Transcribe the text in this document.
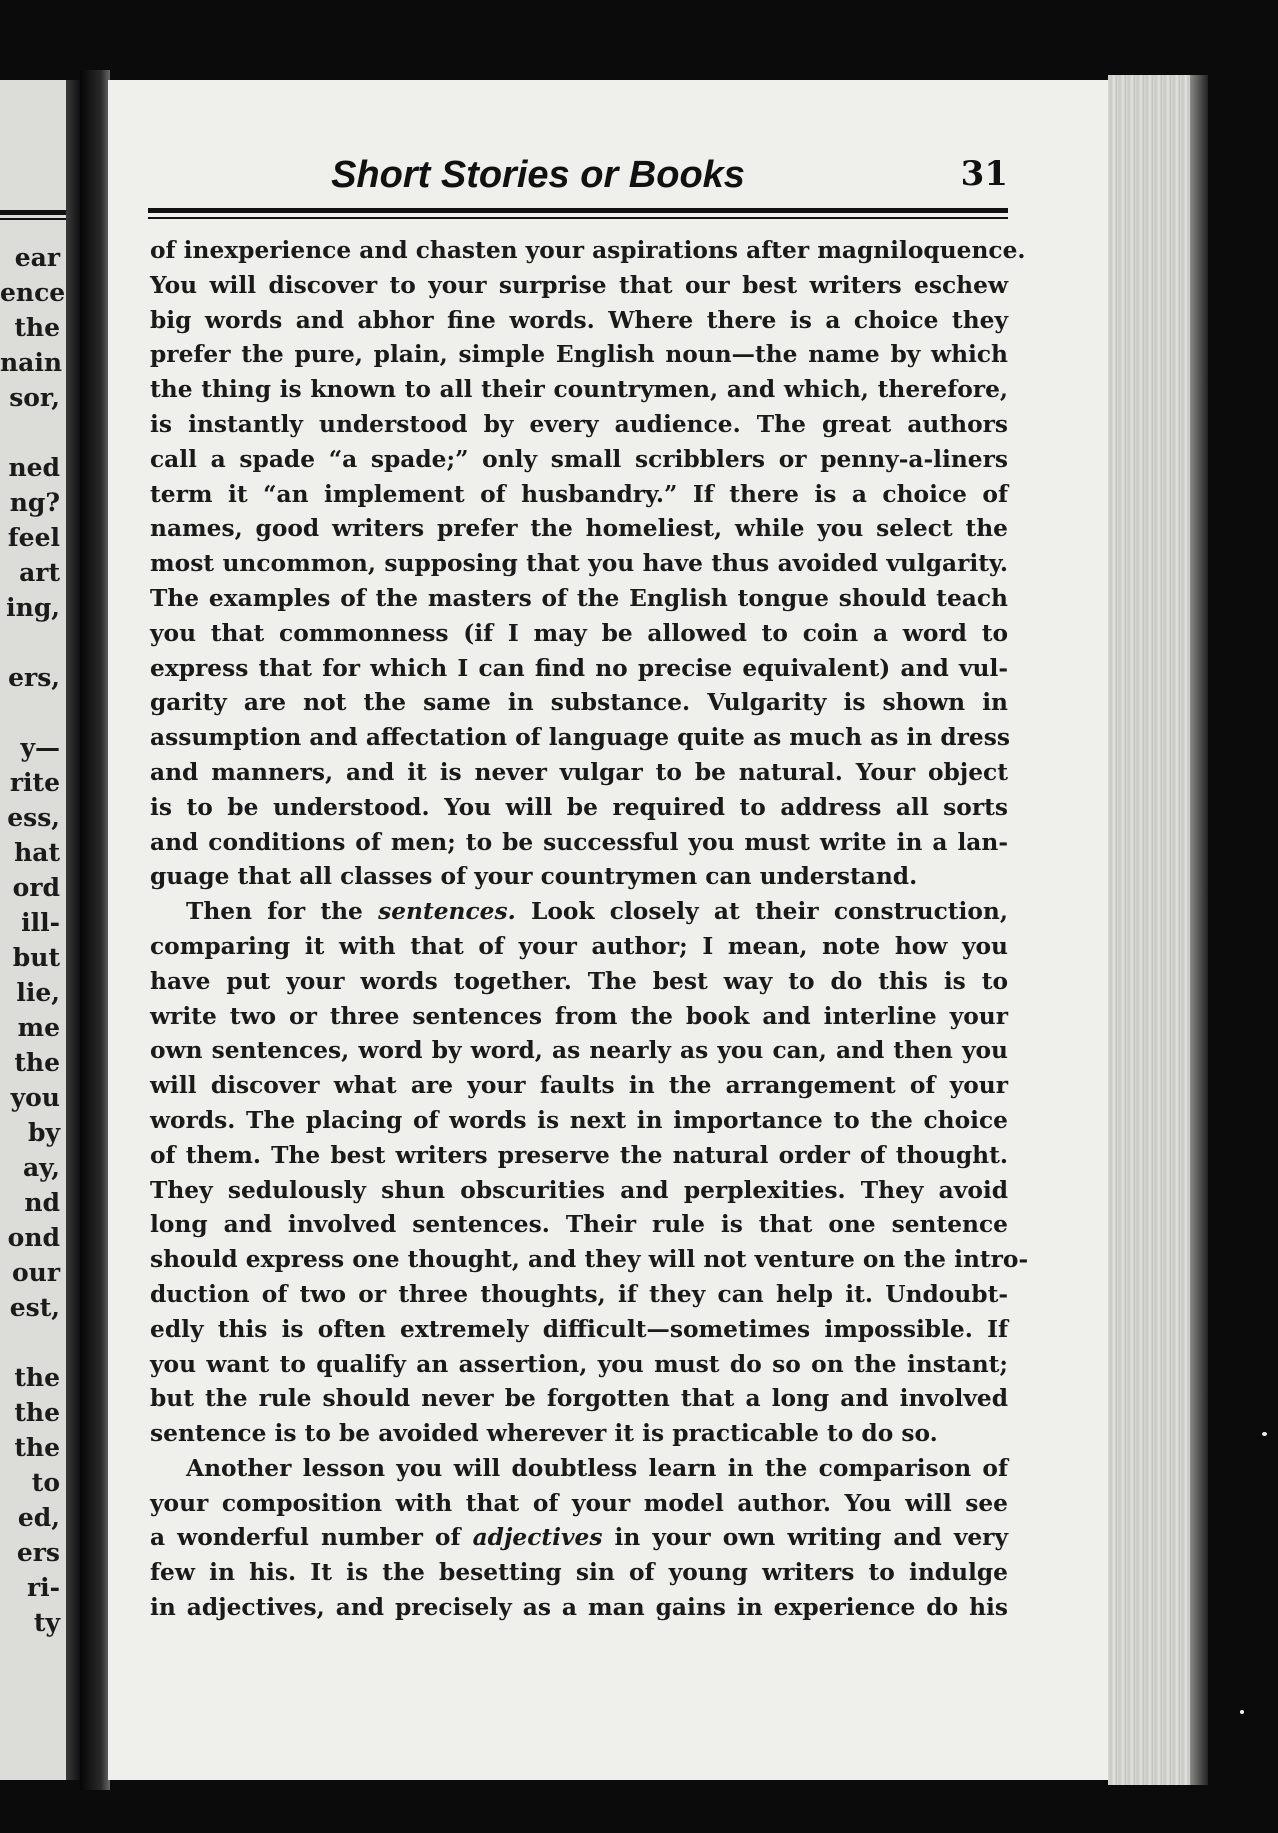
ear
ence
the
nain
sor,
ned
ng?
feel
art
ing,
ers,
y—
rite
ess,
hat
ord
ill-
but
lie,
me
the
you
by
ay,
nd
ond
our
est,
the
the
the
to
ed,
ers
ri-
ty
Short Stories or Books	31
of inexperience and chasten your aspirations after magniloquence.
You will discover to your surprise that our best writers eschew
big words and abhor fine words. Where there is a choice they
prefer the pure, plain, simple English noun—the name by which
the thing is known to all their countrymen, and which, therefore,
is instantly understood by every audience. The great authors
call a spade “a spade;” only small scribblers or penny-a-liners
term it “an implement of husbandry.” If there is a choice of
names, good writers prefer the homeliest, while you select the
most uncommon, supposing that you have thus avoided vulgarity.
The examples of the masters of the English tongue should teach
you that commonness (if I may be allowed to coin a word to
express that for which I can find no precise equivalent) and vul-
garity are not the same in substance. Vulgarity is shown in
assumption and affectation of language quite as much as in dress
and manners, and it is never vulgar to be natural. Your object
is to be understood. You will be required to address all sorts
and conditions of men; to be successful you must write in a lan-
guage that all classes of your countrymen can understand.
Then for the sentences. Look closely at their construction,
comparing it with that of your author; I mean, note how you
have put your words together. The best way to do this is to
write two or three sentences from the book and interline your
own sentences, word by word, as nearly as you can, and then you
will discover what are your faults in the arrangement of your
words. The placing of words is next in importance to the choice
of them. The best writers preserve the natural order of thought.
They sedulously shun obscurities and perplexities. They avoid
long and involved sentences. Their rule is that one sentence
should express one thought, and they will not venture on the intro-
duction of two or three thoughts, if they can help it. Undoubt-
edly this is often extremely difficult—sometimes impossible. If
you want to qualify an assertion, you must do so on the instant;
but the rule should never be forgotten that a long and involved
sentence is to be avoided wherever it is practicable to do so.
Another lesson you will doubtless learn in the comparison of
your composition with that of your model author. You will see
a wonderful number of adjectives in your own writing and very
few in his. It is the besetting sin of young writers to indulge
in adjectives, and precisely as a man gains in experience do his
